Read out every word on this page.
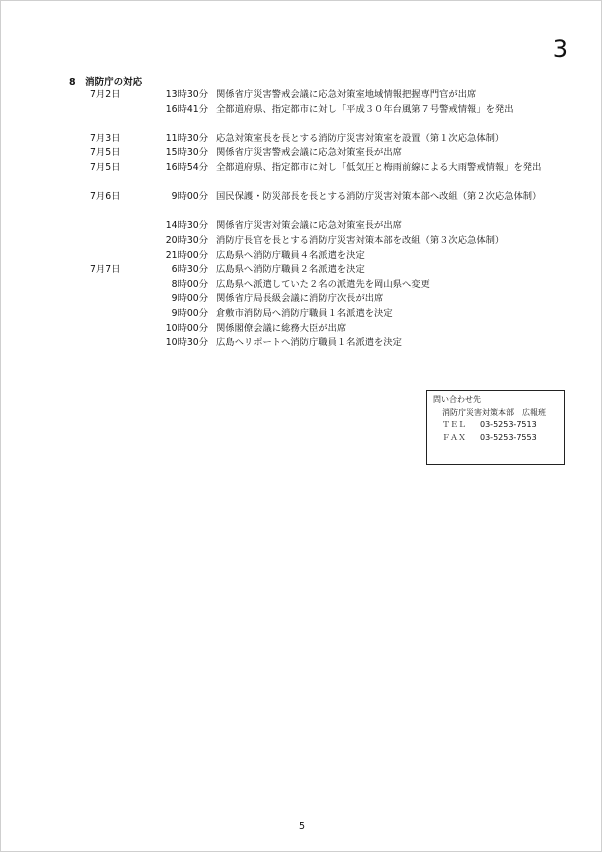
3
8　消防庁の対応
7月2日	13時30分 関係省庁災害警戒会議に応急対策室地域情報把握専門官が出席
16時41分 全都道府県、指定都市に対し「平成３０年台風第７号警戒情報」を発出
7月3日	11時30分 応急対策室長を長とする消防庁災害対策室を設置（第１次応急体制）
7月5日	15時30分 関係省庁災害警戒会議に応急対策室長が出席
7月5日	16時54分 全都道府県、指定都市に対し「低気圧と梅雨前線による大雨警戒情報」を発出
7月6日	9時00分 国民保護・防災部長を長とする消防庁災害対策本部へ改組（第２次応急体制）
14時30分 関係省庁災害対策会議に応急対策室長が出席
20時30分 消防庁長官を長とする消防庁災害対策本部を改組（第３次応急体制）
21時00分 広島県へ消防庁職員４名派遣を決定
7月7日	6時30分 広島県へ消防庁職員２名派遣を決定
8時00分 広島県へ派遣していた２名の派遣先を岡山県へ変更
9時00分 関係省庁局長級会議に消防庁次長が出席
9時00分 倉敷市消防局へ消防庁職員１名派遣を決定
10時00分 関係閣僚会議に総務大臣が出席
10時30分 広島ヘリポートへ消防庁職員１名派遣を決定
問い合わせ先
消防庁災害対策本部　広報班
ＴＥＬ 03-5253-7513
ＦＡＸ 03-5253-7553
5
